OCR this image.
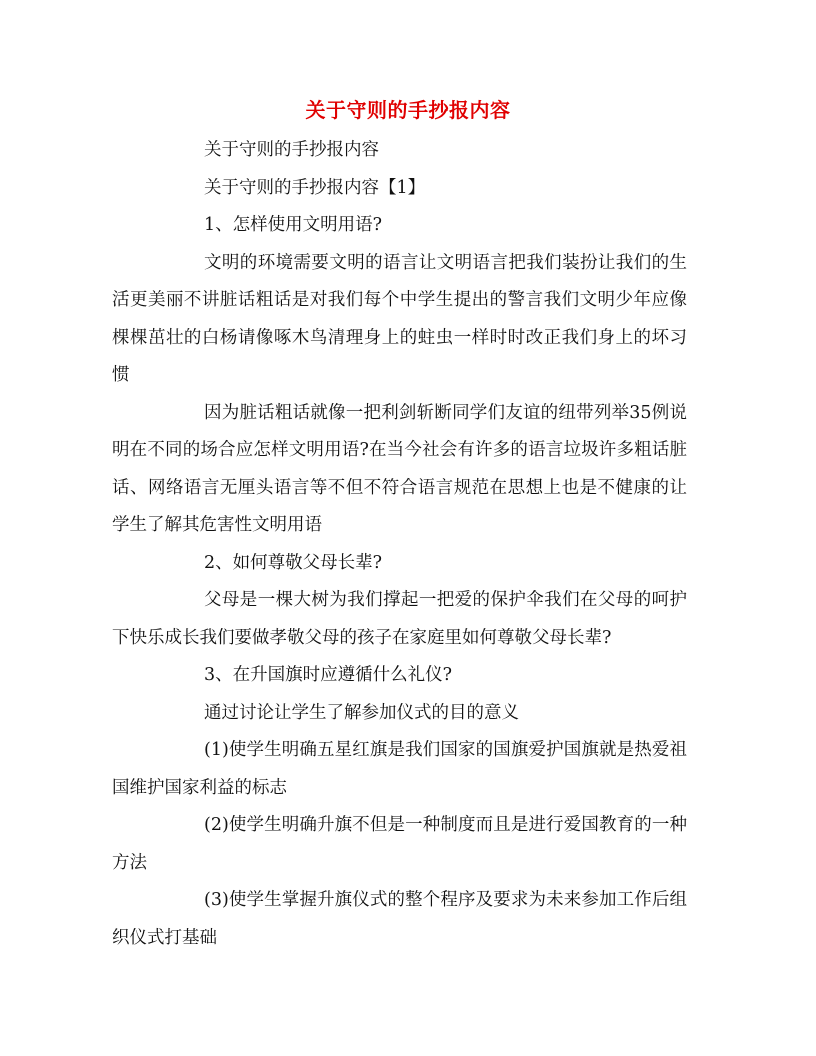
关于守则的手抄报内容

关于守则的手抄报内容

关于守则的手抄报内容【1】

1、怎样使用文明用语?

文明的环境需要文明的语言让文明语言把我们装扮让我们的生活更美丽不讲脏话粗话是对我们每个中学生提出的警言我们文明少年应像棵棵茁壮的白杨请像啄木鸟清理身上的蛀虫一样时时改正我们身上的坏习惯

因为脏话粗话就像一把利剑斩断同学们友谊的纽带列举35例说明在不同的场合应怎样文明用语?在当今社会有许多的语言垃圾许多粗话脏话、网络语言无厘头语言等不但不符合语言规范在思想上也是不健康的让学生了解其危害性文明用语

2、如何尊敬父母长辈?

父母是一棵大树为我们撑起一把爱的保护伞我们在父母的呵护下快乐成长我们要做孝敬父母的孩子在家庭里如何尊敬父母长辈?

3、在升国旗时应遵循什么礼仪?

通过讨论让学生了解参加仪式的目的意义

(1)使学生明确五星红旗是我们国家的国旗爱护国旗就是热爱祖国维护国家利益的标志

(2)使学生明确升旗不但是一种制度而且是进行爱国教育的一种方法

(3)使学生掌握升旗仪式的整个程序及要求为未来参加工作后组织仪式打基础
